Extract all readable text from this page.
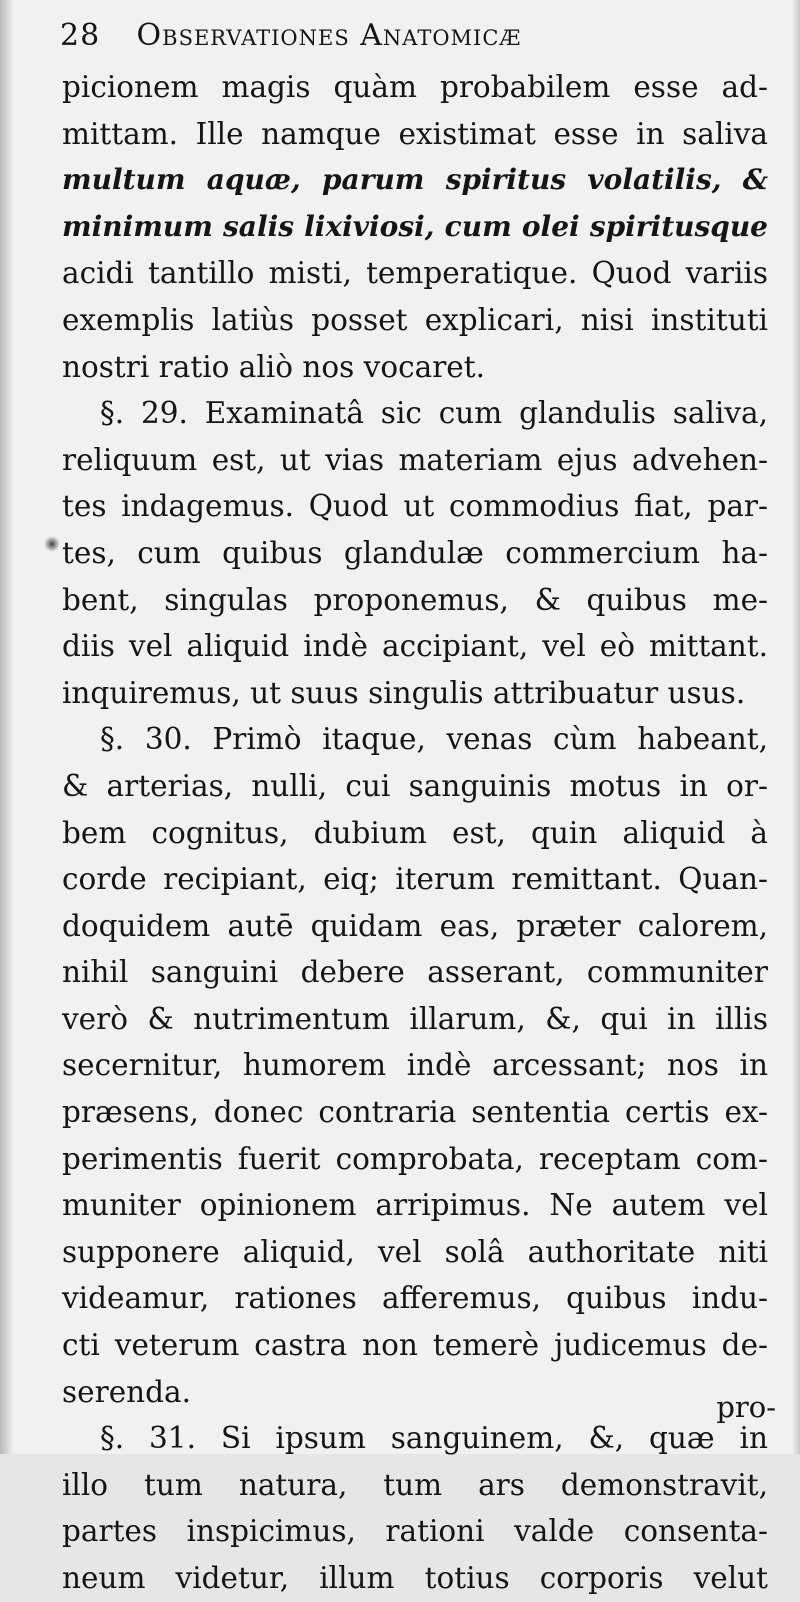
28 Observationes Anatomicæ
picionem magis quàm probabilem esse ad-
mittam. Ille namque existimat esse in saliva
multum aquæ, parum spiritus volatilis, &
minimum salis lixiviosi, cum olei spiritusque
acidi tantillo misti, temperatique. Quod variis
exemplis latiùs posset explicari, nisi instituti
nostri ratio aliò nos vocaret.
§. 29. Examinatâ sic cum glandulis saliva,
reliquum est, ut vias materiam ejus advehen-
tes indagemus. Quod ut commodius fiat, par-
tes, cum quibus glandulæ commercium ha-
bent, singulas proponemus, & quibus me-
diis vel aliquid indè accipiant, vel eò mittant.
inquiremus, ut suus singulis attribuatur usus.
§. 30. Primò itaque, venas cùm habeant,
& arterias, nulli, cui sanguinis motus in or-
bem cognitus, dubium est, quin aliquid à
corde recipiant, eiq; iterum remittant. Quan-
doquidem autē quidam eas, præter calorem,
nihil sanguini debere asserant, communiter
verò & nutrimentum illarum, &, qui in illis
secernitur, humorem indè arcessant; nos in
præsens, donec contraria sententia certis ex-
perimentis fuerit comprobata, receptam com-
muniter opinionem arripimus. Ne autem vel
supponere aliquid, vel solâ authoritate niti
videamur, rationes afferemus, quibus indu-
cti veterum castra non temerè judicemus de-
serenda.
§. 31. Si ipsum sanguinem, &, quæ in
illo tum natura, tum ars demonstravit,
partes inspicimus, rationi valde consenta-
neum videtur, illum totius corporis velut
pro-
